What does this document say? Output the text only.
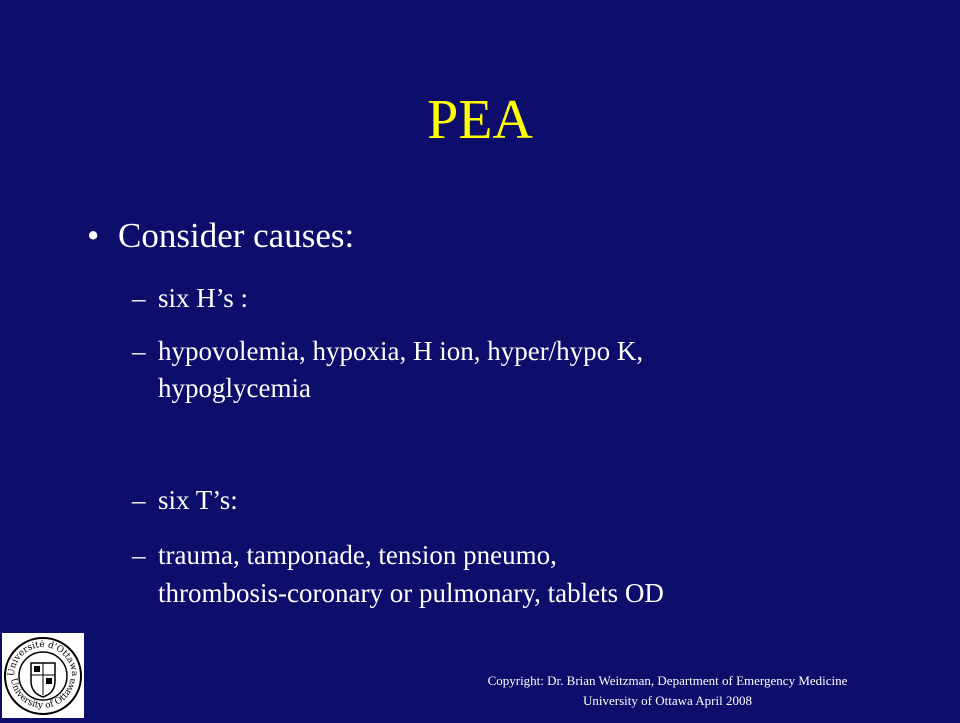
PEA
• Consider causes:
– six H’s :
– hypovolemia, hypoxia, H ion, hyper/hypo K,
hypoglycemia
– six T’s:
– trauma, tamponade, tension pneumo,
thrombosis-coronary or pulmonary, tablets OD
Université d'Ottawa
University of Ottawa	Copyright: Dr. Brian Weitzman, Department of Emergency Medicine
University of Ottawa April 2008
